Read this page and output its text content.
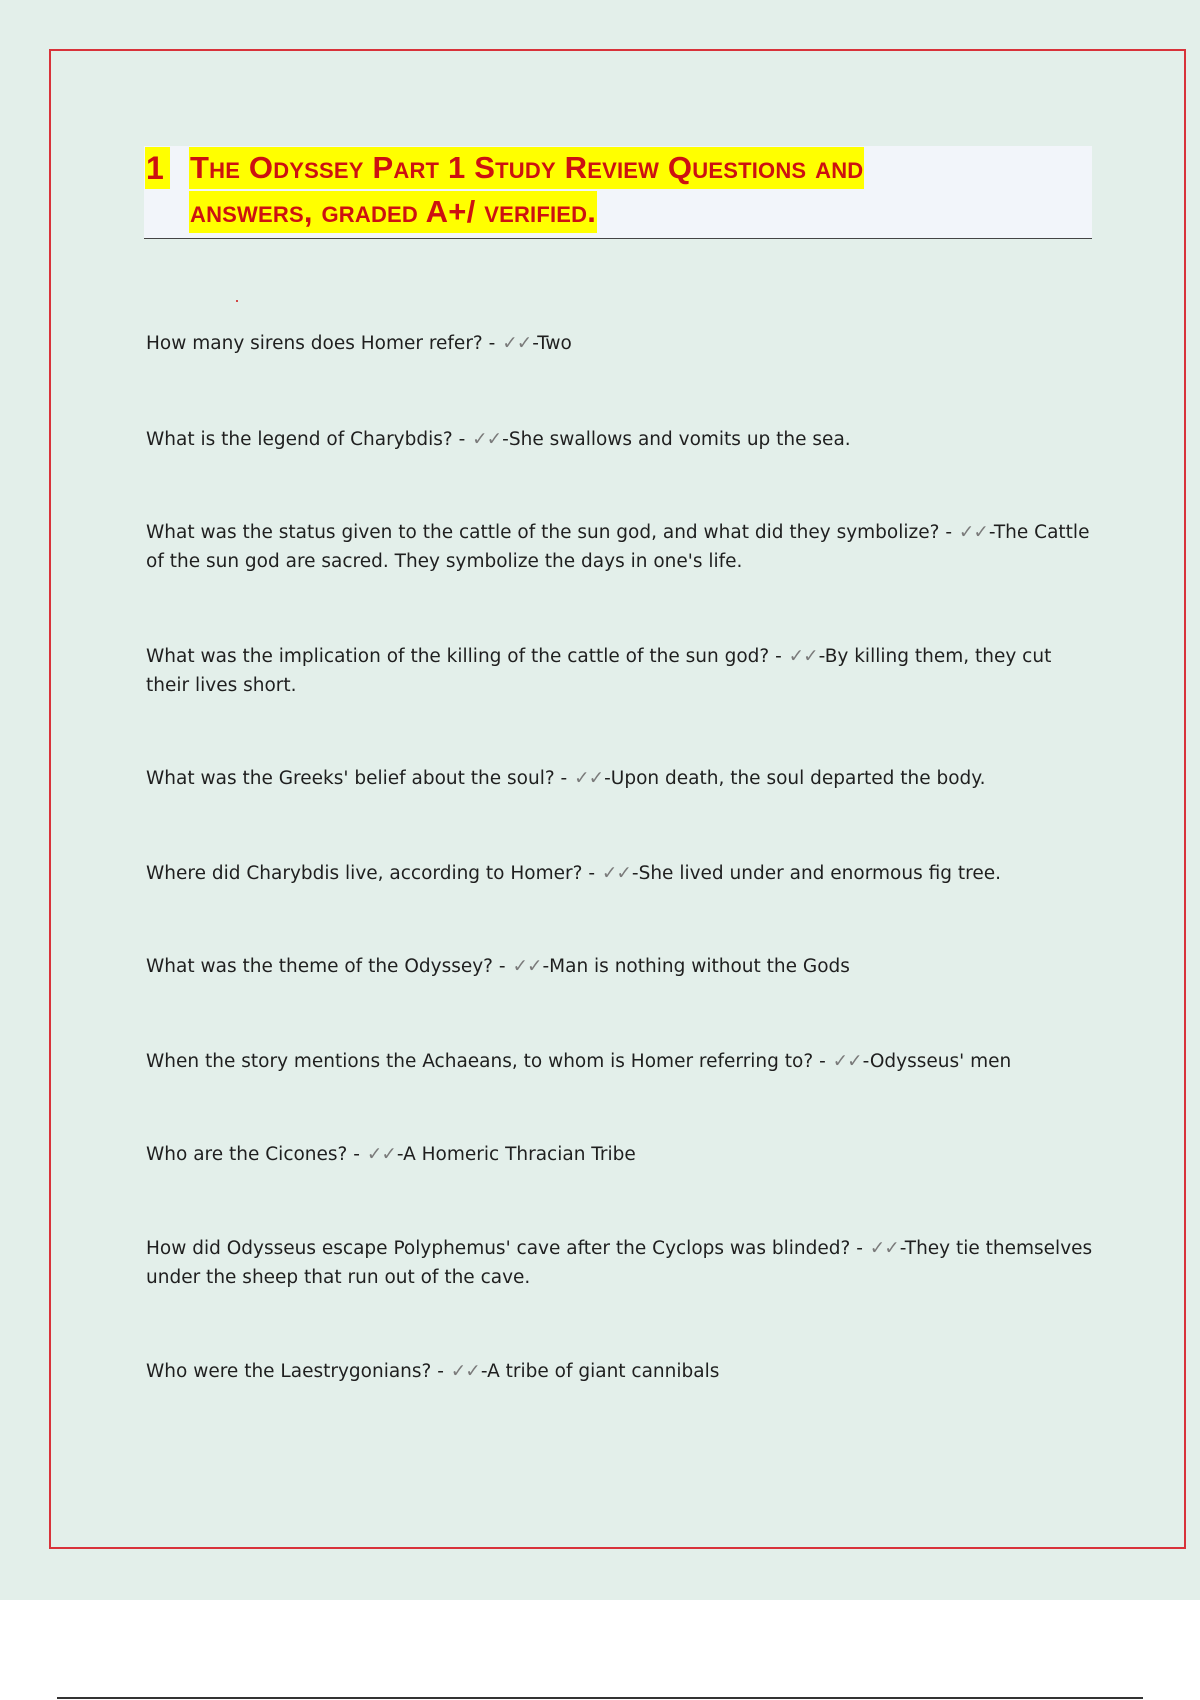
1 The Odyssey Part 1 Study Review Questions and
answers, graded A+/ verified.
How many sirens does Homer refer? - ✓✓-Two
What is the legend of Charybdis? - ✓✓-She swallows and vomits up the sea.
What was the status given to the cattle of the sun god, and what did they symbolize? - ✓✓-The Cattle of the sun god are sacred. They symbolize the days in one's life.
What was the implication of the killing of the cattle of the sun god? - ✓✓-By killing them, they cut their lives short.
What was the Greeks' belief about the soul? - ✓✓-Upon death, the soul departed the body.
Where did Charybdis live, according to Homer? - ✓✓-She lived under and enormous fig tree.
What was the theme of the Odyssey? - ✓✓-Man is nothing without the Gods
When the story mentions the Achaeans, to whom is Homer referring to? - ✓✓-Odysseus' men
Who are the Cicones? - ✓✓-A Homeric Thracian Tribe
How did Odysseus escape Polyphemus' cave after the Cyclops was blinded? - ✓✓-They tie themselves under the sheep that run out of the cave.
Who were the Laestrygonians? - ✓✓-A tribe of giant cannibals
